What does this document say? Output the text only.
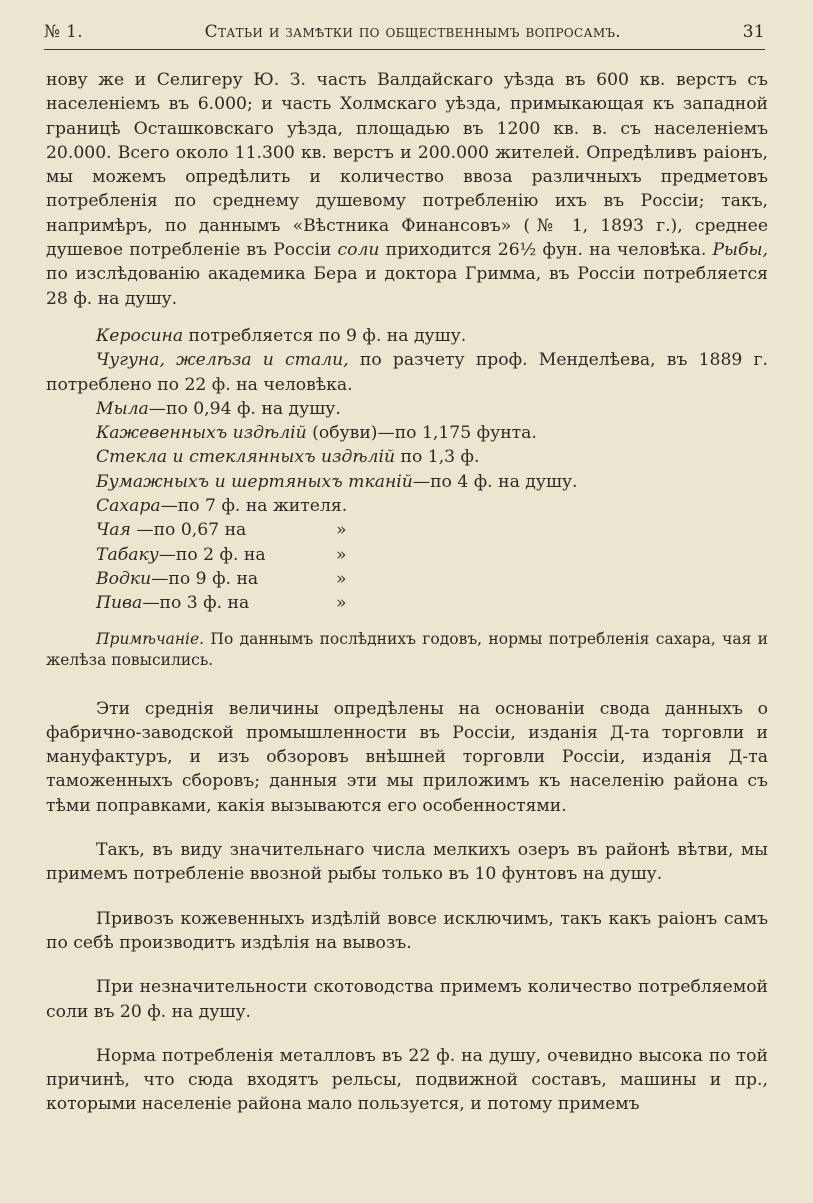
№ 1.	Статьи и замѣтки по общественнымъ вопросамъ.	31

нову же и Селигеру Ю. З. часть Валдайскаго уѣзда въ 600 кв. верстъ съ населеніемъ въ 6.000; и часть Холмскаго уѣзда, примыкающая къ западной границѣ Осташковскаго уѣзда, площадью въ 1200 кв. в. съ населеніемъ 20.000. Всего около 11.300 кв. верстъ и 200.000 жителей. Опредѣливъ раіонъ, мы можемъ опредѣлить и количество ввоза различныхъ предметовъ потребленія по среднему душевому потребленію ихъ въ Россіи; такъ, напримѣръ, по даннымъ «Вѣстника Финансовъ» (№ 1, 1893 г.), среднее душевое потребленіе въ Россіи соли приходится 26½ фун. на человѣка. Рыбы, по изслѣдованію академика Бера и доктора Гримма, въ Россіи потребляется 28 ф. на душу.

Керосина потребляется по 9 ф. на душу.

Чугуна, желѣза и стали, по разчету проф. Менделѣева, въ 1889 г. потреблено по 22 ф. на человѣка.

Мыла—по 0,94 ф. на душу.

Кажевенныхъ издѣлій (обуви)—по 1,175 фунта.

Стекла и стеклянныхъ издѣлій по 1,3 ф.

Бумажныхъ и шертяныхъ тканій—по 4 ф. на душу.

Сахара—по 7 ф. на жителя.

Чая —по 0,67 на	»
Табаку—по 2 ф. на	»
Водки—по 9 ф. на	»
Пива—по 3 ф. на	»

Примѣчаніе. По даннымъ послѣднихъ годовъ, нормы потребленія сахара, чая и желѣза повысились.

Эти среднія величины опредѣлены на основаніи свода данныхъ о фабрично-заводской промышленности въ Россіи, изданія Д-та торговли и мануфактуръ, и изъ обзоровъ внѣшней торговли Россіи, изданія Д-та таможенныхъ сборовъ; данныя эти мы приложимъ къ населенію района съ тѣми поправками, какія вызываются его особенностями.

Такъ, въ виду значительнаго числа мелкихъ озеръ въ районѣ вѣтви, мы примемъ потребленіе ввозной рыбы только въ 10 фунтовъ на душу.

Привозъ кожевенныхъ издѣлій вовсе исключимъ, такъ какъ раіонъ самъ по себѣ производитъ издѣлія на вывозъ.

При незначительности скотоводства примемъ количество потребляемой соли въ 20 ф. на душу.

Норма потребленія металловъ въ 22 ф. на душу, очевидно высока по той причинѣ, что сюда входятъ рельсы, подвижной составъ, машины и пр., которыми населеніе района мало пользуется, и потому примемъ
